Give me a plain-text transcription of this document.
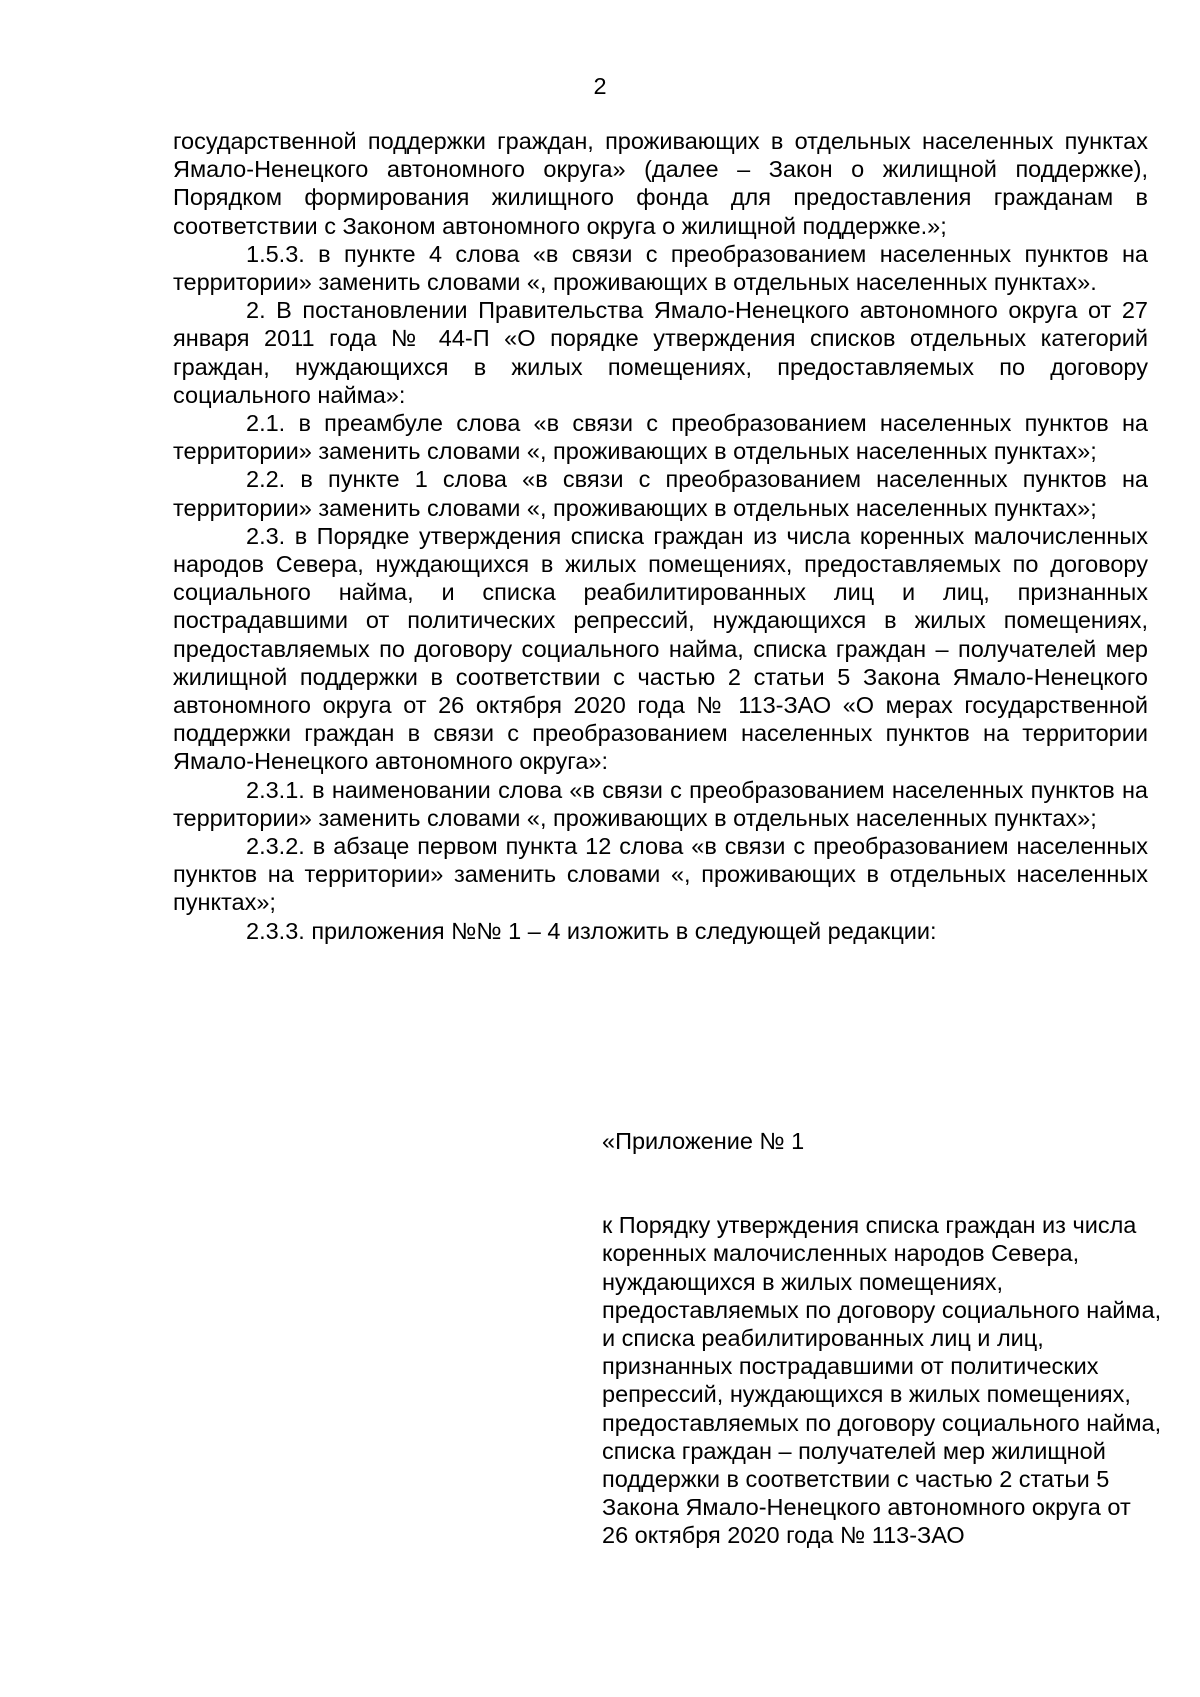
2

государственной поддержки граждан, проживающих в отдельных населенных пунктах Ямало-Ненецкого автономного округа» (далее – Закон о жилищной поддержке), Порядком формирования жилищного фонда для предоставления гражданам в соответствии с Законом автономного округа о жилищной поддержке.»;

1.5.3. в пункте 4 слова «в связи с преобразованием населенных пунктов на территории» заменить словами «, проживающих в отдельных населенных пунктах».

2. В постановлении Правительства Ямало-Ненецкого автономного округа от 27 января 2011 года № 44-П «О порядке утверждения списков отдельных категорий граждан, нуждающихся в жилых помещениях, предоставляемых по договору социального найма»:

2.1. в преамбуле слова «в связи с преобразованием населенных пунктов на территории» заменить словами «, проживающих в отдельных населенных пунктах»;

2.2. в пункте 1 слова «в связи с преобразованием населенных пунктов на территории» заменить словами «, проживающих в отдельных населенных пунктах»;

2.3. в Порядке утверждения списка граждан из числа коренных малочисленных народов Севера, нуждающихся в жилых помещениях, предоставляемых по договору социального найма, и списка реабилитированных лиц и лиц, признанных пострадавшими от политических репрессий, нуждающихся в жилых помещениях, предоставляемых по договору социального найма, списка граждан – получателей мер жилищной поддержки в соответствии с частью 2 статьи 5 Закона Ямало-Ненецкого автономного округа от 26 октября 2020 года № 113-ЗАО «О мерах государственной поддержки граждан в связи с преобразованием населенных пунктов на территории Ямало-Ненецкого автономного округа»:

2.3.1. в наименовании слова «в связи с преобразованием населенных пунктов на территории» заменить словами «, проживающих в отдельных населенных пунктах»;

2.3.2. в абзаце первом пункта 12 слова «в связи с преобразованием населенных пунктов на территории» заменить словами «, проживающих в отдельных населенных пунктах»;

2.3.3. приложения №№ 1 – 4 изложить в следующей редакции:

«Приложение № 1

к Порядку утверждения списка граждан из числа коренных малочисленных народов Севера, нуждающихся в жилых помещениях, предоставляемых по договору социального найма, и списка реабилитированных лиц и лиц, признанных пострадавшими от политических репрессий, нуждающихся в жилых помещениях, предоставляемых по договору социального найма, списка граждан – получателей мер жилищной поддержки в соответствии с частью 2 статьи 5 Закона Ямало-Ненецкого автономного округа от 26 октября 2020 года № 113-ЗАО
